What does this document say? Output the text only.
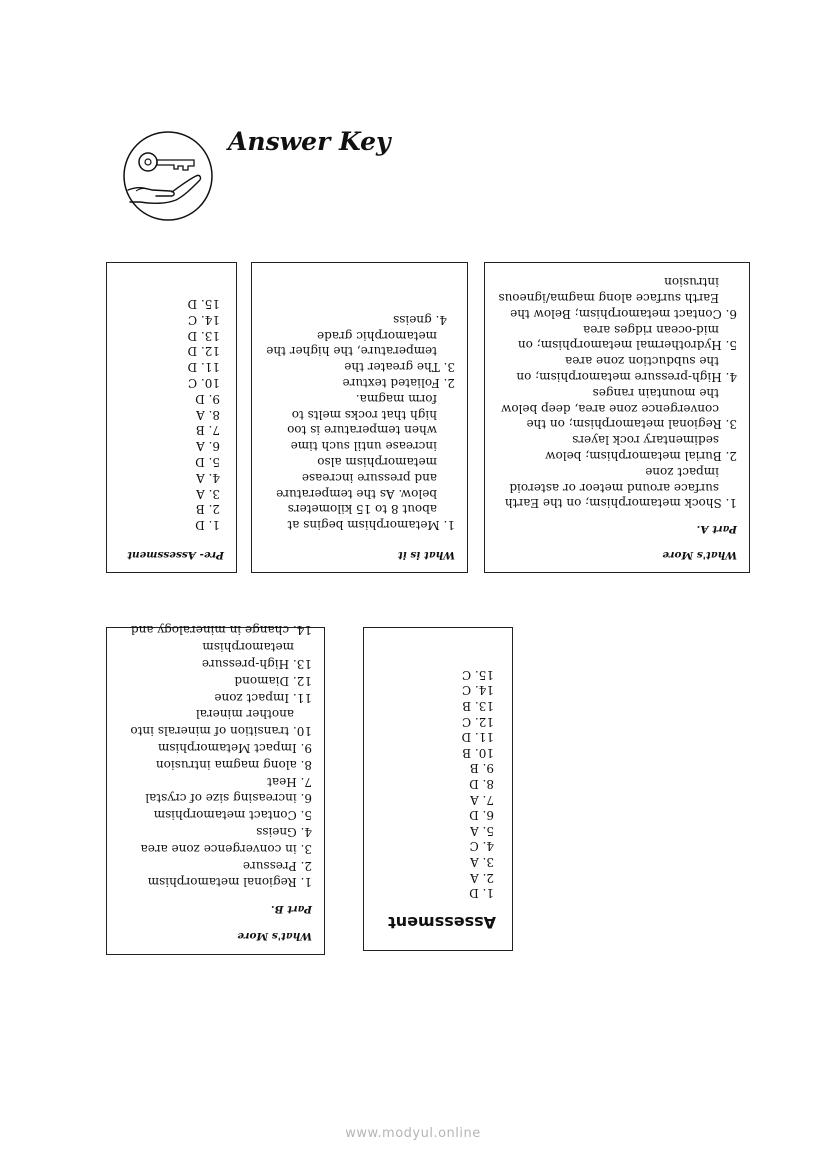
Answer Key
Pre- Assessment
1. D
2. B
3. A
4. A
5. D
6. A
7. B
8. A
9. D
10. C
11. D
12. D
13. D
14. C
15. D
What is it
1. Metamorphism begins at about 8 to 15 kilometers below. As the temperature and pressure increase metamorphism also increase until such time when temperature is too high that rocks melts to form magma.
2. Foliated texture
3. The greater the temperature, the higher the metamorphic grade
4. gneiss
What's More
Part A.
1. Shock metamorphism; on the Earth surface around meteor or asteroid impact zone
2. Burial metamorphism; below sedimentary rock layers
3. Regional metamorphism; on the convergence zone area, deep below the mountain ranges
4. High-pressure metamorphism; on the subduction zone area
5. Hydrothermal metamorphism; on mid-ocean ridges area
6. Contact metamorphism; Below the Earth surface along magma/igneous intrusion
Assessment
1. D
2. A
3. A
4. C
5. A
6. D
7. A
8. D
9. B
10. B
11. D
12. C
13. B
14. C
15. C
What's More
Part B.
1. Regional metamorphism
2. Pressure
3. in convergence zone area
4. Gneiss
5. Contact metamorphism
6. increasing size of crystal
7. Heat
8. along magma intrusion
9. Impact Metamorphism
10. transition of minerals into another mineral
11. Impact zone
12. Diamond
13. High-pressure metamorphism
14. change in mineralogy and
www.modyul.online
